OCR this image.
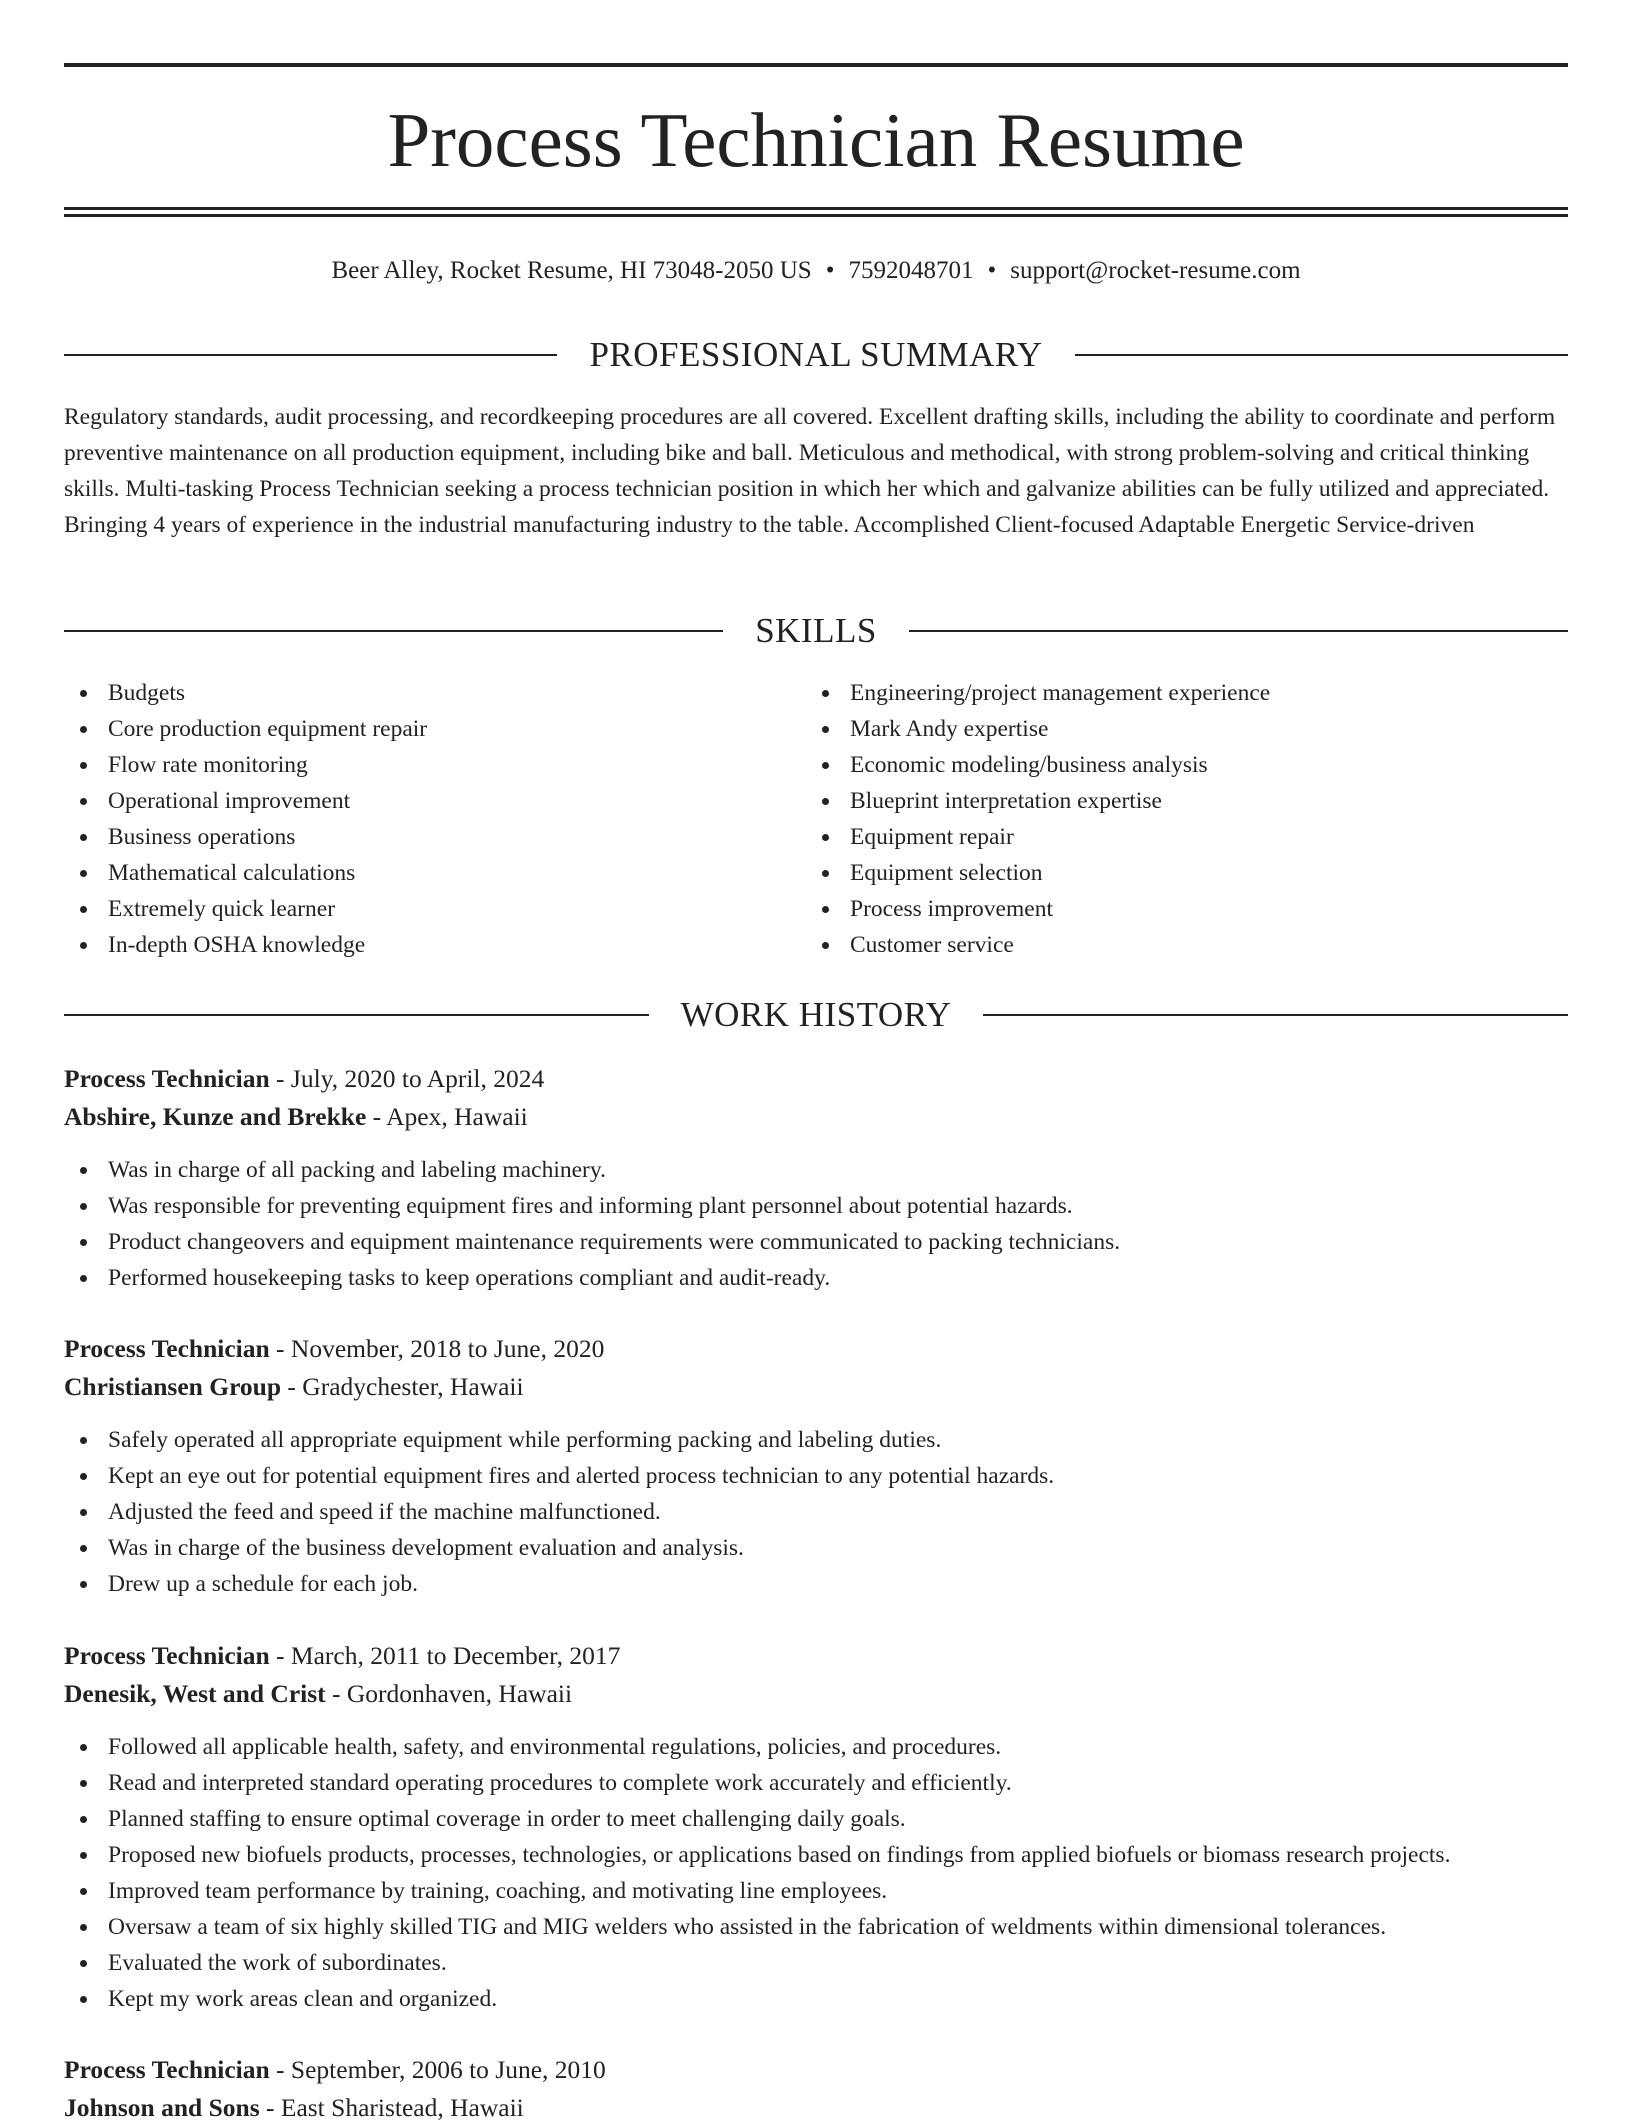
Process Technician Resume
Beer Alley, Rocket Resume, HI 73048-2050 US • 7592048701 • support@rocket-resume.com
PROFESSIONAL SUMMARY
Regulatory standards, audit processing, and recordkeeping procedures are all covered. Excellent drafting skills, including the ability to coordinate and perform preventive maintenance on all production equipment, including bike and ball. Meticulous and methodical, with strong problem-solving and critical thinking skills. Multi-tasking Process Technician seeking a process technician position in which her which and galvanize abilities can be fully utilized and appreciated. Bringing 4 years of experience in the industrial manufacturing industry to the table. Accomplished Client-focused Adaptable Energetic Service-driven
SKILLS
Budgets
Core production equipment repair
Flow rate monitoring
Operational improvement
Business operations
Mathematical calculations
Extremely quick learner
In-depth OSHA knowledge
Engineering/project management experience
Mark Andy expertise
Economic modeling/business analysis
Blueprint interpretation expertise
Equipment repair
Equipment selection
Process improvement
Customer service
WORK HISTORY
Process Technician - July, 2020 to April, 2024
Abshire, Kunze and Brekke - Apex, Hawaii
Was in charge of all packing and labeling machinery.
Was responsible for preventing equipment fires and informing plant personnel about potential hazards.
Product changeovers and equipment maintenance requirements were communicated to packing technicians.
Performed housekeeping tasks to keep operations compliant and audit-ready.
Process Technician - November, 2018 to June, 2020
Christiansen Group - Gradychester, Hawaii
Safely operated all appropriate equipment while performing packing and labeling duties.
Kept an eye out for potential equipment fires and alerted process technician to any potential hazards.
Adjusted the feed and speed if the machine malfunctioned.
Was in charge of the business development evaluation and analysis.
Drew up a schedule for each job.
Process Technician - March, 2011 to December, 2017
Denesik, West and Crist - Gordonhaven, Hawaii
Followed all applicable health, safety, and environmental regulations, policies, and procedures.
Read and interpreted standard operating procedures to complete work accurately and efficiently.
Planned staffing to ensure optimal coverage in order to meet challenging daily goals.
Proposed new biofuels products, processes, technologies, or applications based on findings from applied biofuels or biomass research projects.
Improved team performance by training, coaching, and motivating line employees.
Oversaw a team of six highly skilled TIG and MIG welders who assisted in the fabrication of weldments within dimensional tolerances.
Evaluated the work of subordinates.
Kept my work areas clean and organized.
Process Technician - September, 2006 to June, 2010
Johnson and Sons - East Sharistead, Hawaii
